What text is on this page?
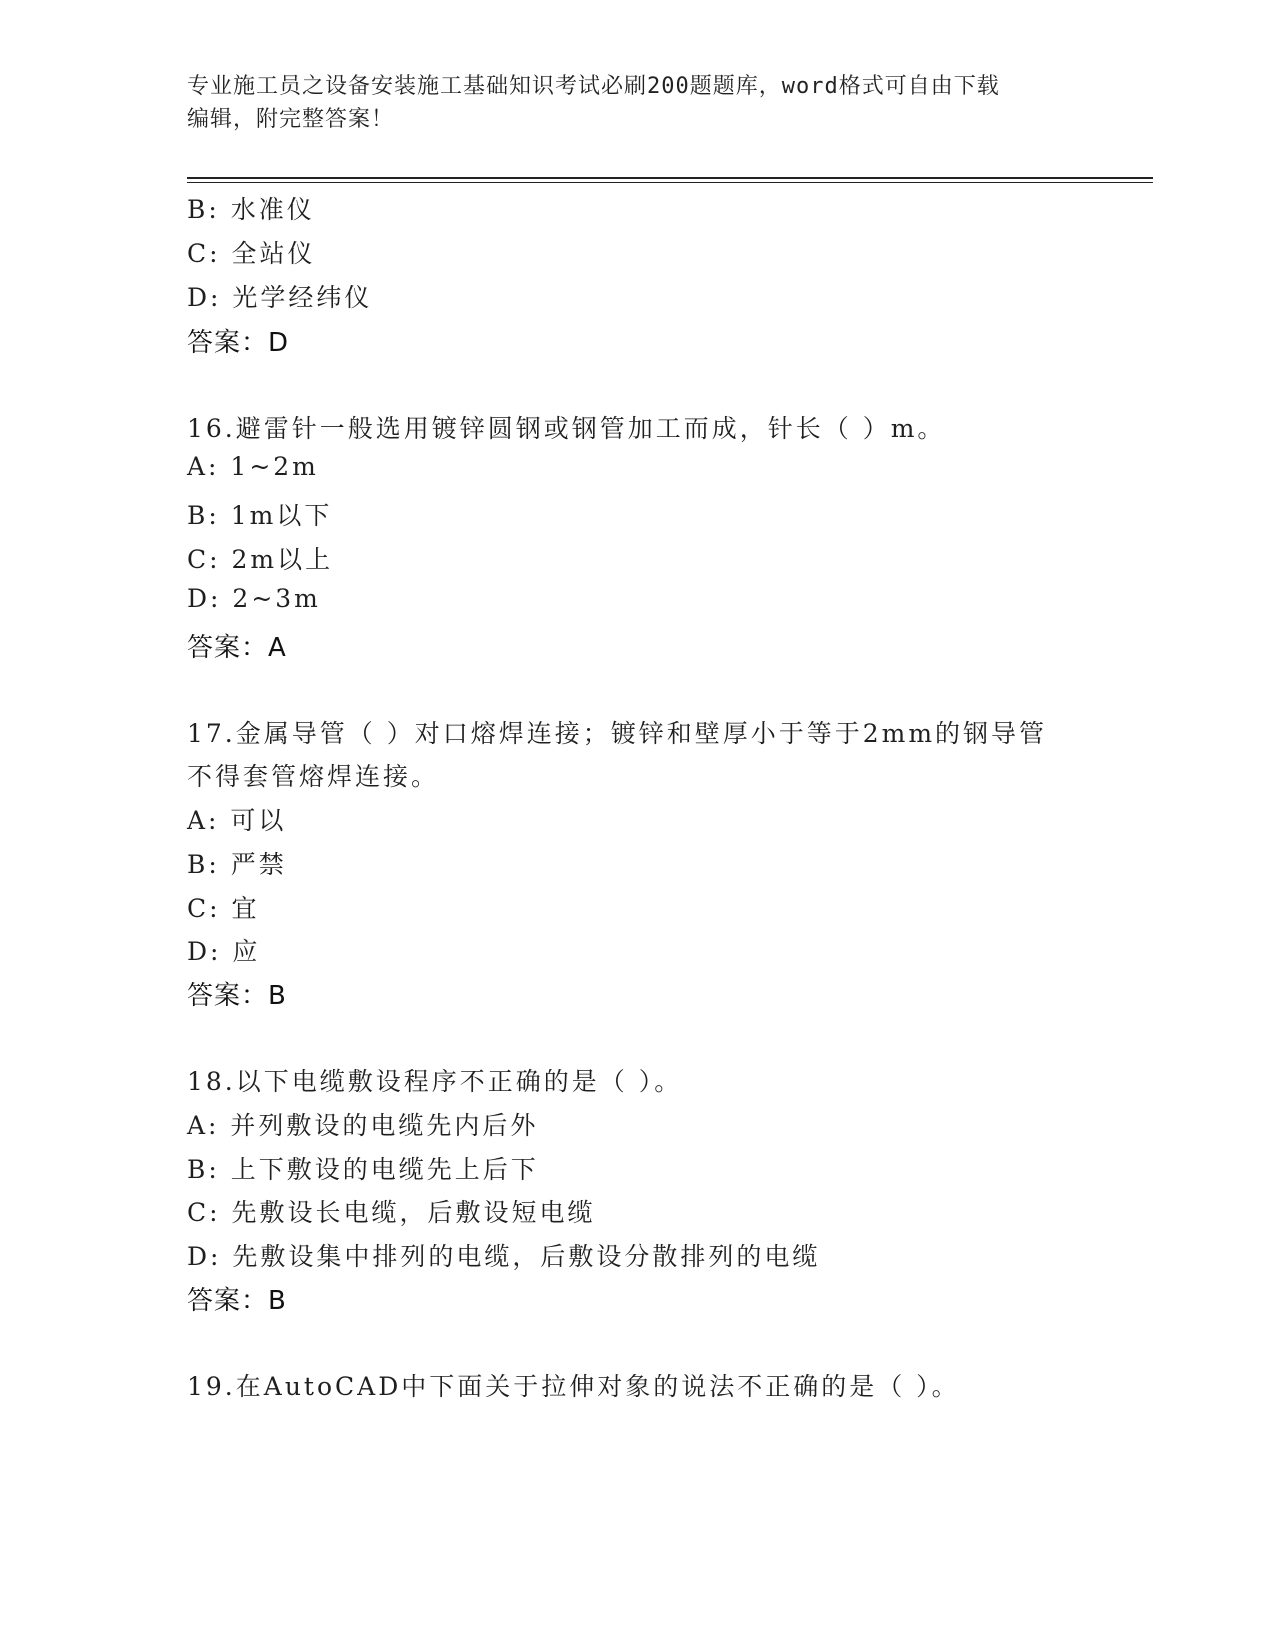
专业施工员之设备安装施工基础知识考试必刷200题题库，word格式可自由下载
编辑，附完整答案！
B: 水准仪
C: 全站仪
D: 光学经纬仪
答案：D
16.避雷针一般选用镀锌圆钢或钢管加工而成，针长（ ）m。
A: 1~2m
B: 1m以下
C: 2m以上
D: 2~3m
答案：A
17.金属导管（ ）对口熔焊连接；镀锌和壁厚小于等于2mm的钢导管
不得套管熔焊连接。
A: 可以
B: 严禁
C: 宜
D: 应
答案：B
18.以下电缆敷设程序不正确的是（ ）。
A: 并列敷设的电缆先内后外
B: 上下敷设的电缆先上后下
C: 先敷设长电缆，后敷设短电缆
D: 先敷设集中排列的电缆，后敷设分散排列的电缆
答案：B
19.在AutoCAD中下面关于拉伸对象的说法不正确的是（ ）。
